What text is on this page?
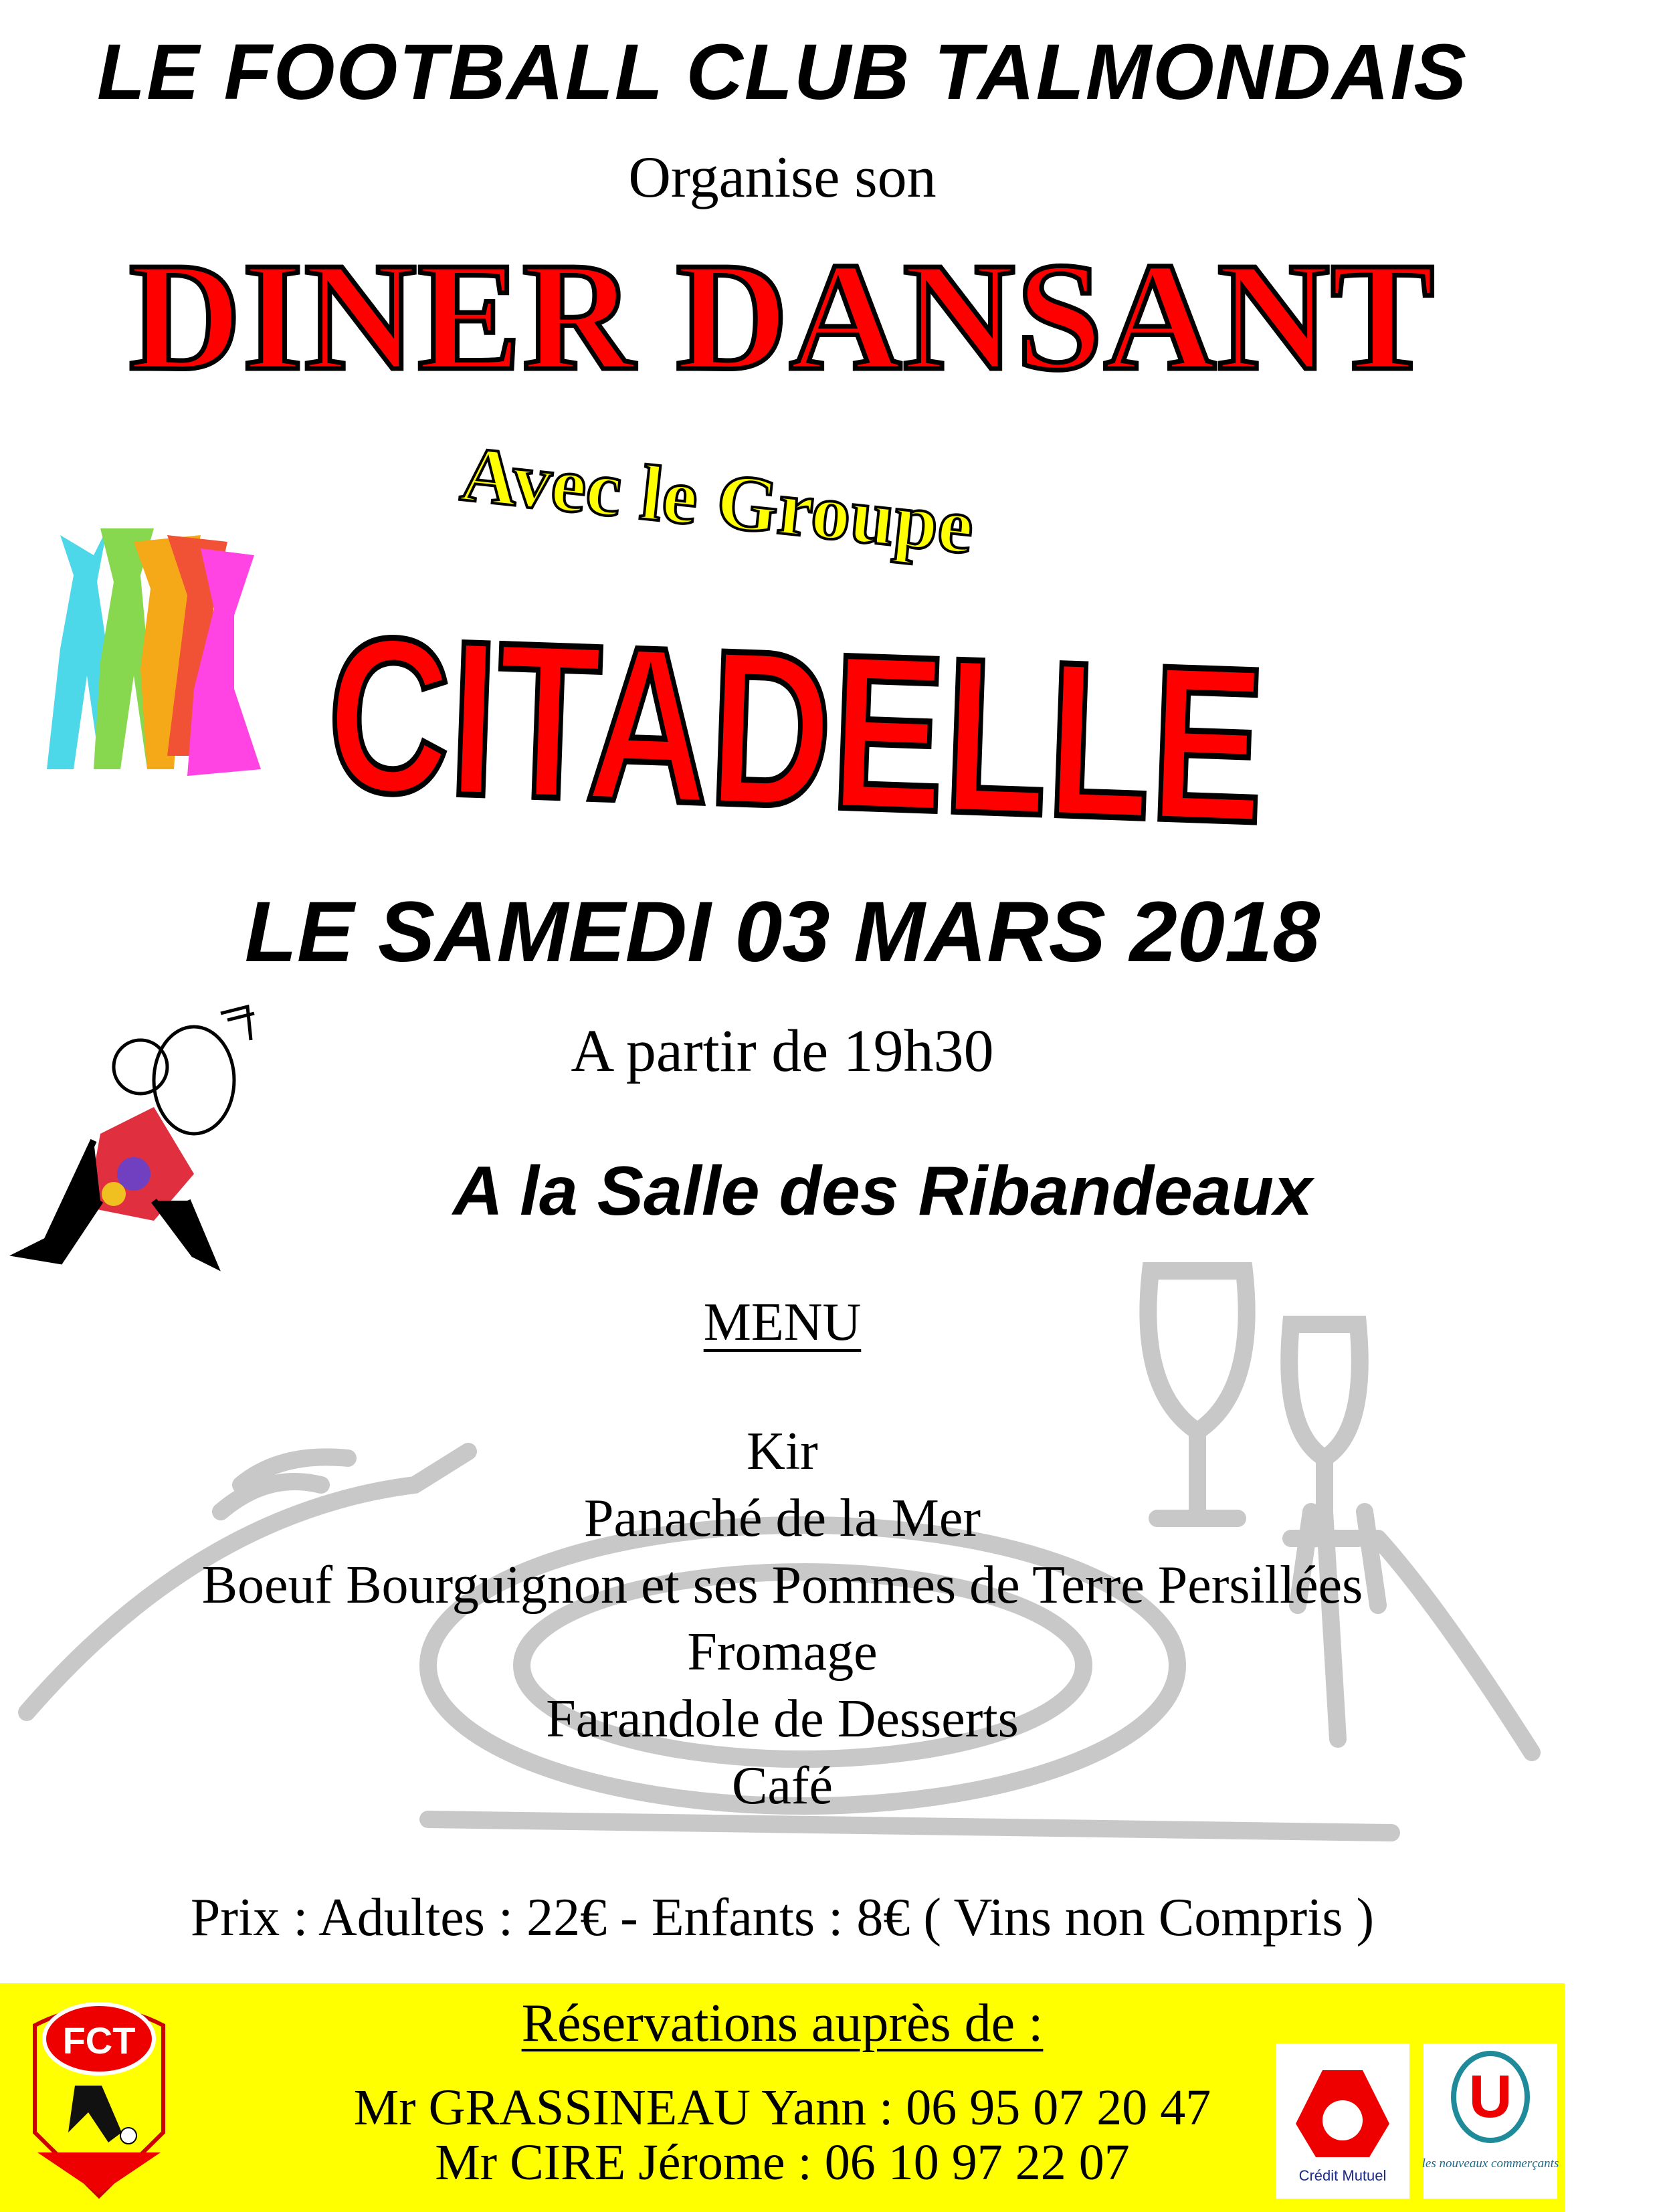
LE FOOTBALL CLUB TALMONDAIS
Organise son
DINER DANSANT
Avec le Groupe
CITADELLE
LE SAMEDI 03 MARS 2018
A partir de 19h30
A la Salle des Ribandeaux
MENU
Kir
Panaché de la Mer
Boeuf Bourguignon et ses Pommes de Terre Persillées
Fromage
Farandole de Desserts
Café
Prix : Adultes : 22€ - Enfants : 8€ ( Vins non Compris )
Réservations auprès de :
Mr GRASSINEAU Yann : 06 95 07 20 47
Mr CIRE Jérome : 06 10 97 22 07
FCT
Crédit Mutuel
U
les nouveaux commerçants
